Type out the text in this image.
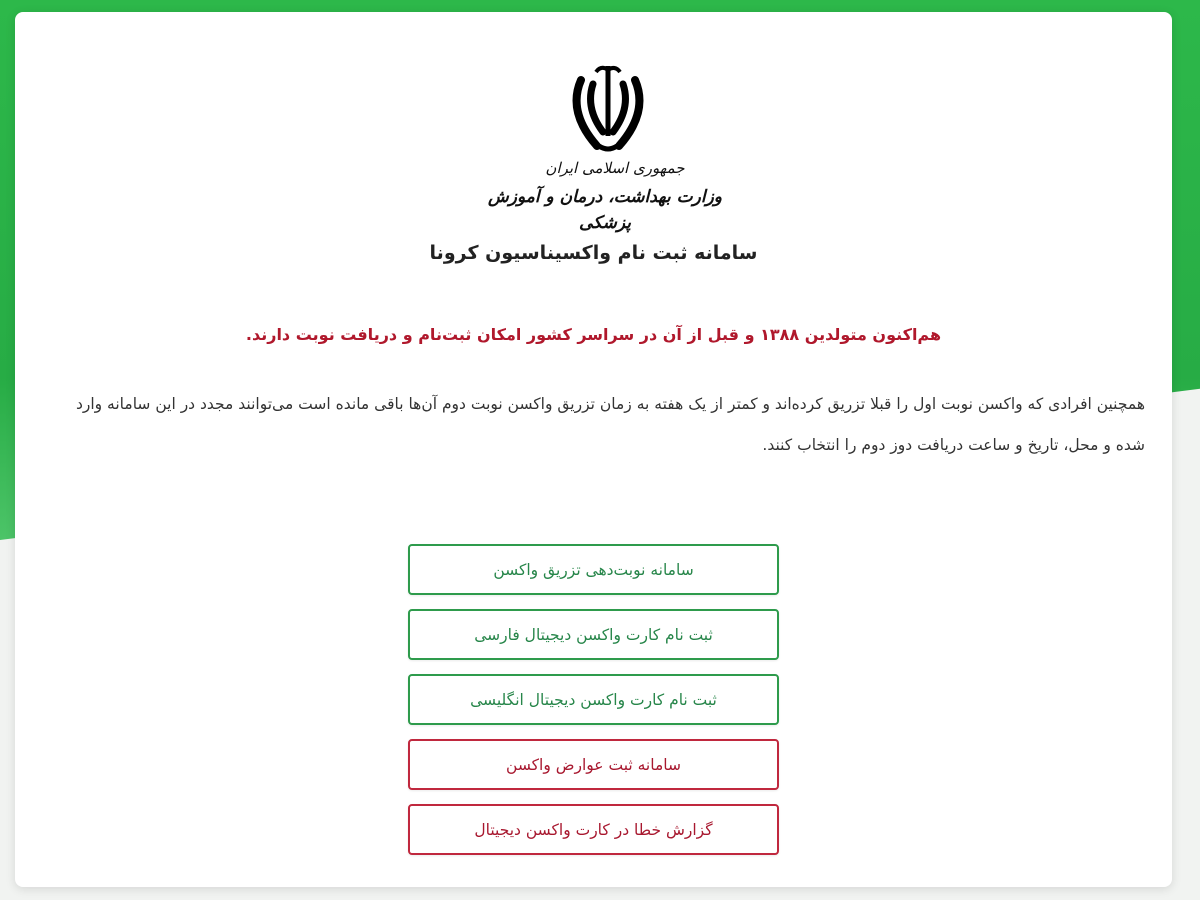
جمهوری اسلامی ایران
وزارت بهداشت، درمان و آموزش پزشکی
سامانه ثبت نام واکسیناسیون کرونا
هم‌اکنون متولدین ۱۳۸۸ و قبل از آن در سراسر کشور امکان ثبت‌نام و دریافت نوبت دارند.
همچنین افرادی که واکسن نوبت اول را قبلا تزریق کرده‌اند و کمتر از یک هفته به زمان تزریق واکسن نوبت دوم آن‌ها باقی مانده است می‌توانند مجدد در این سامانه وارد شده و محل، تاریخ و ساعت دریافت دوز دوم را انتخاب کنند.
سامانه نوبت‌دهی تزریق واکسن
ثبت نام کارت واکسن دیجیتال فارسی
ثبت نام کارت واکسن دیجیتال انگلیسی
سامانه ثبت عوارض واکسن
گزارش خطا در کارت واکسن دیجیتال
